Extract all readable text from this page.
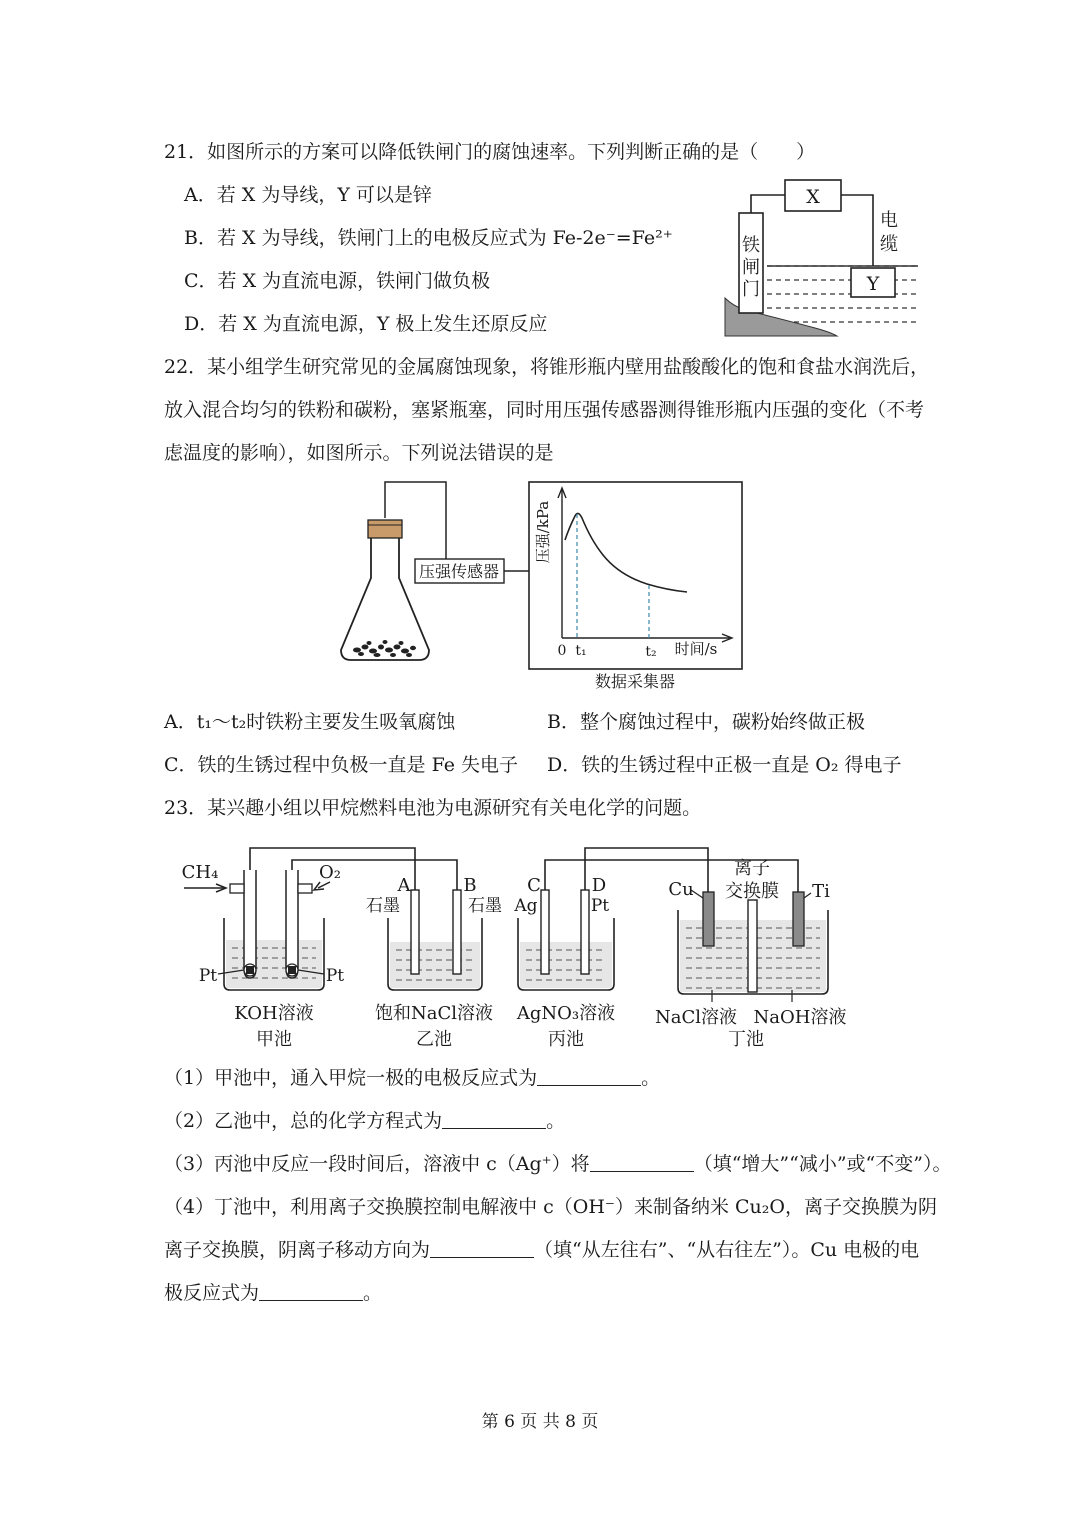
21．如图所示的方案可以降低铁闸门的腐蚀速率。下列判断正确的是（　　）
A．若 X 为导线，Y 可以是锌
B．若 X 为导线，铁闸门上的电极反应式为 Fe-2e⁻=Fe²⁺
C．若 X 为直流电源，铁闸门做负极
D．若 X 为直流电源，Y 极上发生还原反应
铁
闸
门
X
Y
电
缆
22．某小组学生研究常见的金属腐蚀现象，将锥形瓶内壁用盐酸酸化的饱和食盐水润洗后，
放入混合均匀的铁粉和碳粉，塞紧瓶塞，同时用压强传感器测得锥形瓶内压强的变化（不考
虑温度的影响），如图所示。下列说法错误的是
压强传感器
数据采集器
压强/kPa
0 t₁	t₂ 时间/s
A．t₁～t₂时铁粉主要发生吸氧腐蚀	B．整个腐蚀过程中，碳粉始终做正极
C．铁的生锈过程中负极一直是 Fe 失电子 D．铁的生锈过程中正极一直是 O₂ 得电子
23．某兴趣小组以甲烷燃料电池为电源研究有关电化学的问题。
CH₄	O₂
Pt	Pt
KOH溶液
甲池
A	B
石墨	石墨
饱和NaCl溶液
乙池
C	D
Ag	Pt
AgNO₃溶液
丙池
离子
交换膜
Cu	Ti
NaCl溶液 NaOH溶液
丁池
（1）甲池中，通入甲烷一极的电极反应式为	。
（2）乙池中，总的化学方程式为	。
（3）丙池中反应一段时间后，溶液中 c（Ag⁺）将	（填“增大”“减小”或“不变”）。
（4）丁池中，利用离子交换膜控制电解液中 c（OH⁻）来制备纳米 Cu₂O，离子交换膜为阴
离子交换膜，阴离子移动方向为	（填“从左往右”、“从右往左”）。Cu 电极的电
极反应式为	。
第 6 页 共 8 页
